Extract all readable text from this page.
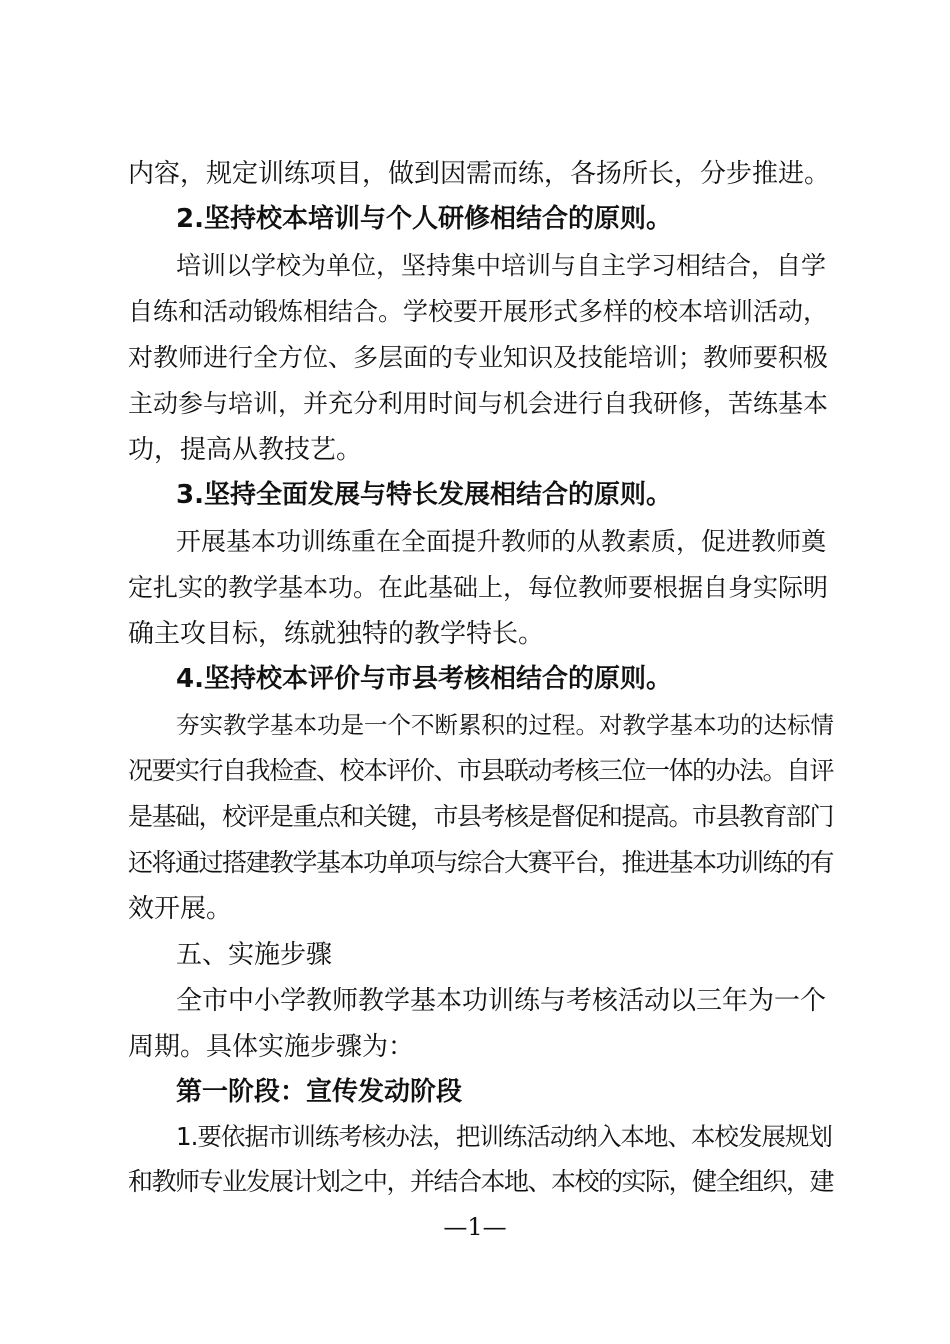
内容，规定训练项目，做到因需而练，各扬所长，分步推进。
2.坚持校本培训与个人研修相结合的原则。
培训以学校为单位，坚持集中培训与自主学习相结合，自学
自练和活动锻炼相结合。学校要开展形式多样的校本培训活动，
对教师进行全方位、多层面的专业知识及技能培训；教师要积极
主动参与培训，并充分利用时间与机会进行自我研修，苦练基本
功，提高从教技艺。
3.坚持全面发展与特长发展相结合的原则。
开展基本功训练重在全面提升教师的从教素质，促进教师奠
定扎实的教学基本功。在此基础上，每位教师要根据自身实际明
确主攻目标，练就独特的教学特长。
4.坚持校本评价与市县考核相结合的原则。
夯实教学基本功是一个不断累积的过程。对教学基本功的达标情
况要实行自我检查、校本评价、市县联动考核三位一体的办法。自评
是基础，校评是重点和关键，市县考核是督促和提高。市县教育部门
还将通过搭建教学基本功单项与综合大赛平台，推进基本功训练的有
效开展。
五、实施步骤
全市中小学教师教学基本功训练与考核活动以三年为一个
周期。具体实施步骤为：
第一阶段：宣传发动阶段
1.要依据市训练考核办法，把训练活动纳入本地、本校发展规划
和教师专业发展计划之中，并结合本地、本校的实际，健全组织，建
—1—
